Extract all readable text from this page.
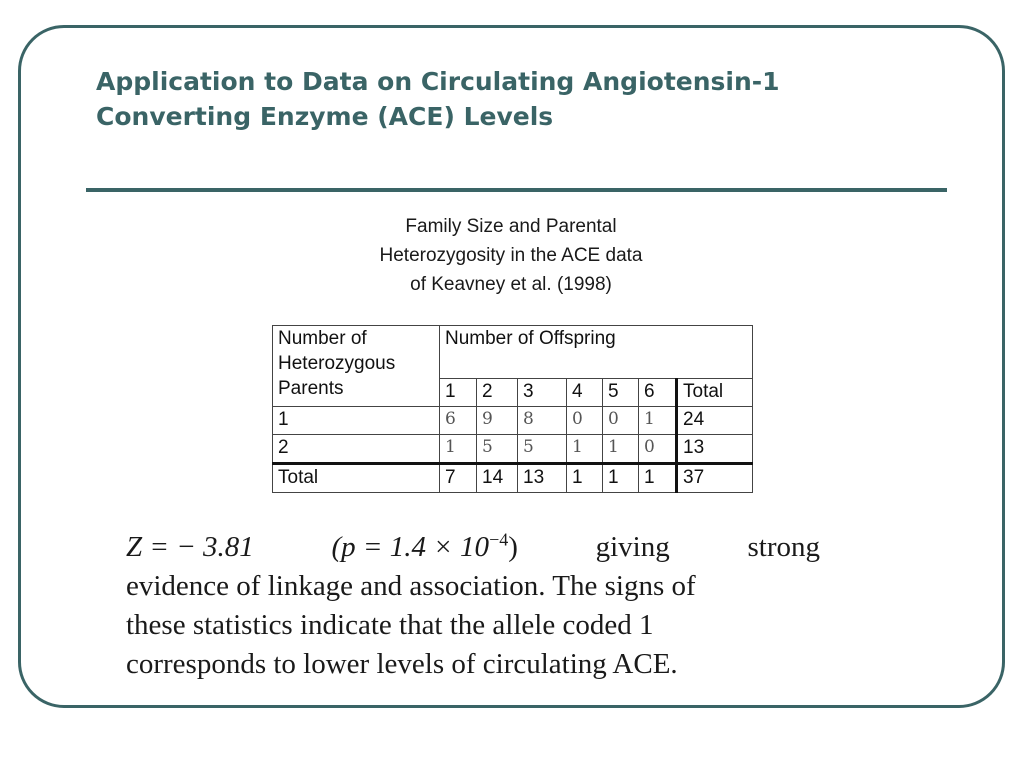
Application to Data on Circulating Angiotensin-1
Converting Enzyme (ACE) Levels
Family Size and Parental
Heterozygosity in the ACE data
of Keavney et al. (1998)
Number of
Heterozygous
Parents	Number of Offspring						
	1	2	3	4	5	6	Total
1	6	9	8	0	0	1	24
2	1	5	5	1	1	0	13
Total	7	14	13	1	1	1	37
Z = − 3.81	$(p = 1.4 \times 10^{-4})$	giving	strong
evidence of linkage and association. The signs of
these statistics indicate that the allele coded 1
corresponds to lower levels of circulating ACE.
